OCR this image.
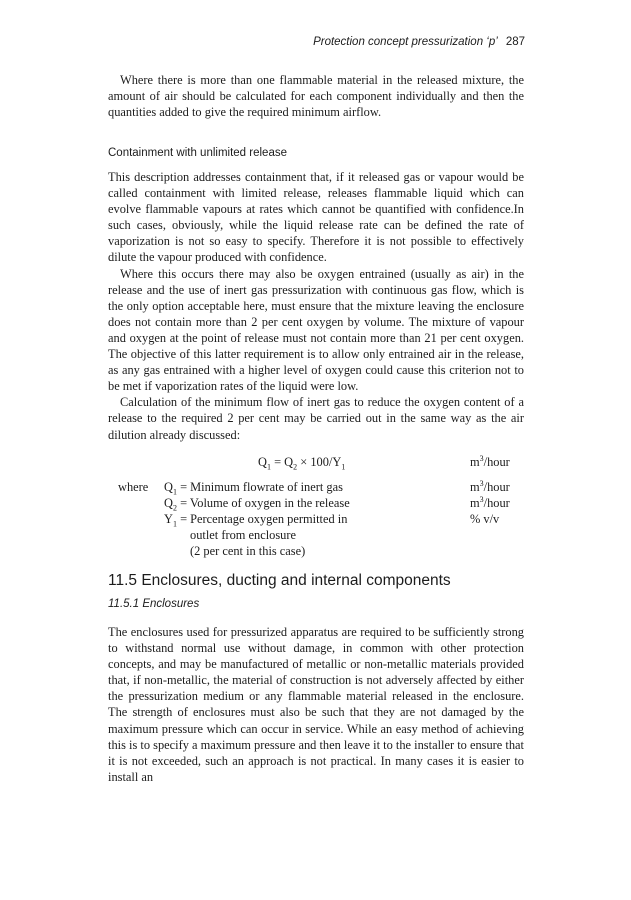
Protection concept pressurization ‘p’ 287

Where there is more than one flammable material in the released mixture, the amount of air should be calculated for each component individually and then the quantities added to give the required minimum airflow.

Containment with unlimited release

This description addresses containment that, if it released gas or vapour would be called containment with limited release, releases flammable liquid which can evolve flammable vapours at rates which cannot be quantified with confidence.In such cases, obviously, while the liquid release rate can be defined the rate of vaporization is not so easy to specify. Therefore it is not possible to effectively dilute the vapour produced with confidence.

Where this occurs there may also be oxygen entrained (usually as air) in the release and the use of inert gas pressurization with continuous gas flow, which is the only option acceptable here, must ensure that the mixture leaving the enclosure does not contain more than 2 per cent oxygen by volume. The mixture of vapour and oxygen at the point of release must not contain more than 21 per cent oxygen. The objective of this latter requirement is to allow only entrained air in the release, as any gas entrained with a higher level of oxygen could cause this criterion not to be met if vaporization rates of the liquid were low.

Calculation of the minimum flow of inert gas to reduce the oxygen content of a release to the required 2 per cent may be carried out in the same way as the air dilution already discussed:

$Q_1 = Q_2 \times 100/Y_1$	$m^3$/hour
where $Q_1$ = Minimum flowrate of inert gas	$m^3$/hour
$Q_2$ = Volume of oxygen in the release	$m^3$/hour
$Y_1$ = Percentage oxygen permitted in	% v/v
outlet from enclosure
(2 per cent in this case)
11.5 Enclosures, ducting and internal components
11.5.1 Enclosures

The enclosures used for pressurized apparatus are required to be sufficiently strong to withstand normal use without damage, in common with other protection concepts, and may be manufactured of metallic or non-metallic materials provided that, if non-metallic, the material of construction is not adversely affected by either the pressurization medium or any flammable material released in the enclosure. The strength of enclosures must also be such that they are not damaged by the maximum pressure which can occur in service. While an easy method of achieving this is to specify a maximum pressure and then leave it to the installer to ensure that it is not exceeded, such an approach is not practical. In many cases it is easier to install an
